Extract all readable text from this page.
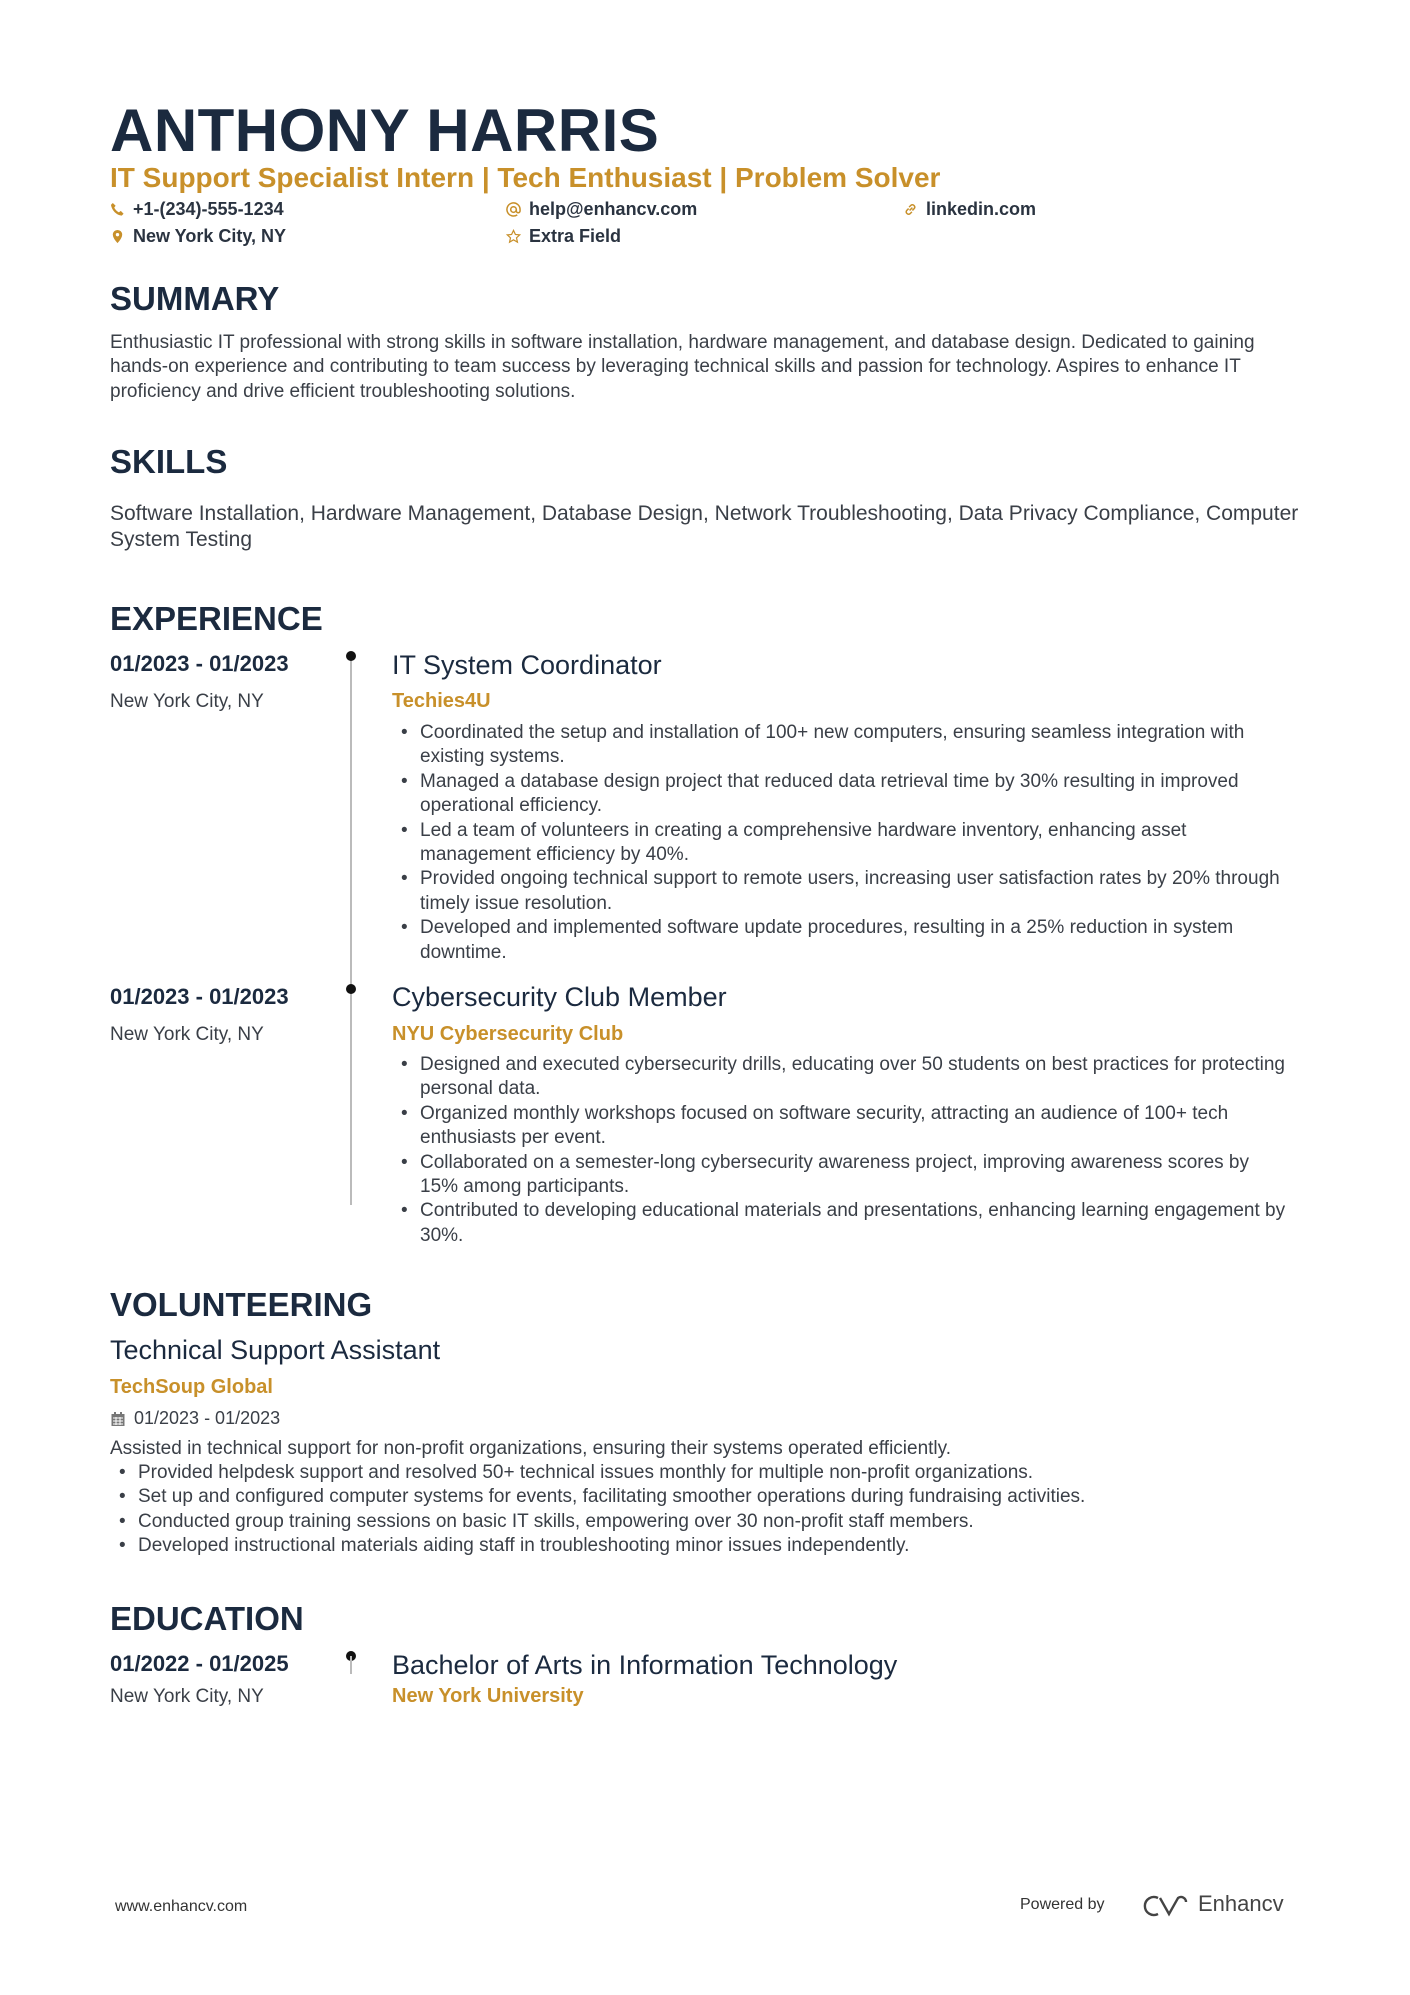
ANTHONY HARRIS
IT Support Specialist Intern | Tech Enthusiast | Problem Solver
+1-(234)-555-1234	help@enhancv.com	linkedin.com
New York City, NY	Extra Field
SUMMARY
Enthusiastic IT professional with strong skills in software installation, hardware management, and database design. Dedicated to gaining hands-on experience and contributing to team success by leveraging technical skills and passion for technology. Aspires to enhance IT proficiency and drive efficient troubleshooting solutions.
SKILLS
Software Installation, Hardware Management, Database Design, Network Troubleshooting, Data Privacy Compliance, Computer System Testing
EXPERIENCE
01/2023 - 01/2023
New York City, NY
IT System Coordinator
Techies4U
• Coordinated the setup and installation of 100+ new computers, ensuring seamless integration with existing systems.
• Managed a database design project that reduced data retrieval time by 30% resulting in improved operational efficiency.
• Led a team of volunteers in creating a comprehensive hardware inventory, enhancing asset management efficiency by 40%.
• Provided ongoing technical support to remote users, increasing user satisfaction rates by 20% through timely issue resolution.
• Developed and implemented software update procedures, resulting in a 25% reduction in system downtime.
01/2023 - 01/2023
New York City, NY
Cybersecurity Club Member
NYU Cybersecurity Club
• Designed and executed cybersecurity drills, educating over 50 students on best practices for protecting personal data.
• Organized monthly workshops focused on software security, attracting an audience of 100+ tech enthusiasts per event.
• Collaborated on a semester-long cybersecurity awareness project, improving awareness scores by 15% among participants.
• Contributed to developing educational materials and presentations, enhancing learning engagement by 30%.
VOLUNTEERING
Technical Support Assistant
TechSoup Global
01/2023 - 01/2023
Assisted in technical support for non-profit organizations, ensuring their systems operated efficiently.
• Provided helpdesk support and resolved 50+ technical issues monthly for multiple non-profit organizations.
• Set up and configured computer systems for events, facilitating smoother operations during fundraising activities.
• Conducted group training sessions on basic IT skills, empowering over 30 non-profit staff members.
• Developed instructional materials aiding staff in troubleshooting minor issues independently.
EDUCATION
01/2022 - 01/2025
New York City, NY
Bachelor of Arts in Information Technology
New York University
www.enhancv.com	Powered by	Enhancv
